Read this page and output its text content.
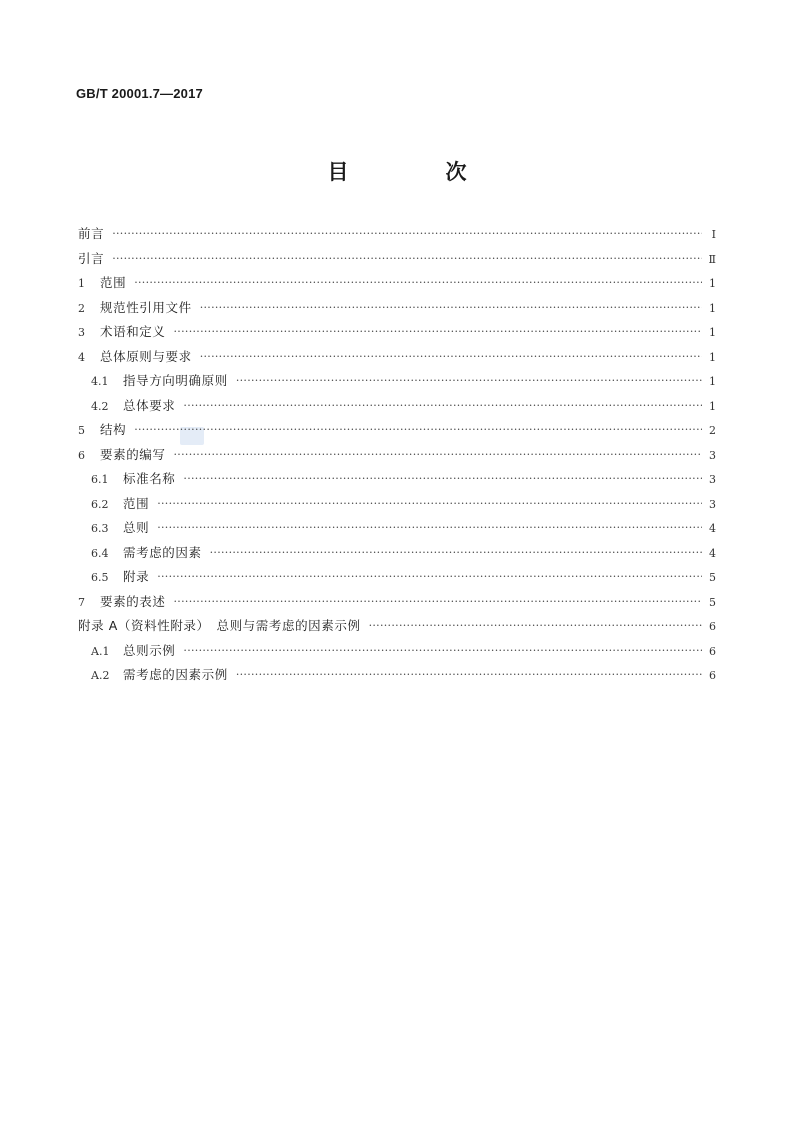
GB/T 20001.7—2017
目　次
前言 ·····	Ⅰ
引言 ·····	Ⅱ
1	范围 ·····	1
2	规范性引用文件 ·····	1
3	术语和定义 ·····	1
4	总体原则与要求 ·····	1
4.1	指导方向明确原则 ·····	1
4.2	总体要求 ·····	1
5	结构 ·····	2
6	要素的编写 ·····	3
6.1	标准名称 ·····	3
6.2	范围 ·····	3
6.3	总则 ·····	4
6.4	需考虑的因素 ·····	4
6.5	附录 ·····	5
7	要素的表述 ·····	5
附录 A（资料性附录）　总则与需考虑的因素示例 ·····	6
A.1	总则示例 ·····	6
A.2	需考虑的因素示例 ·····	6
